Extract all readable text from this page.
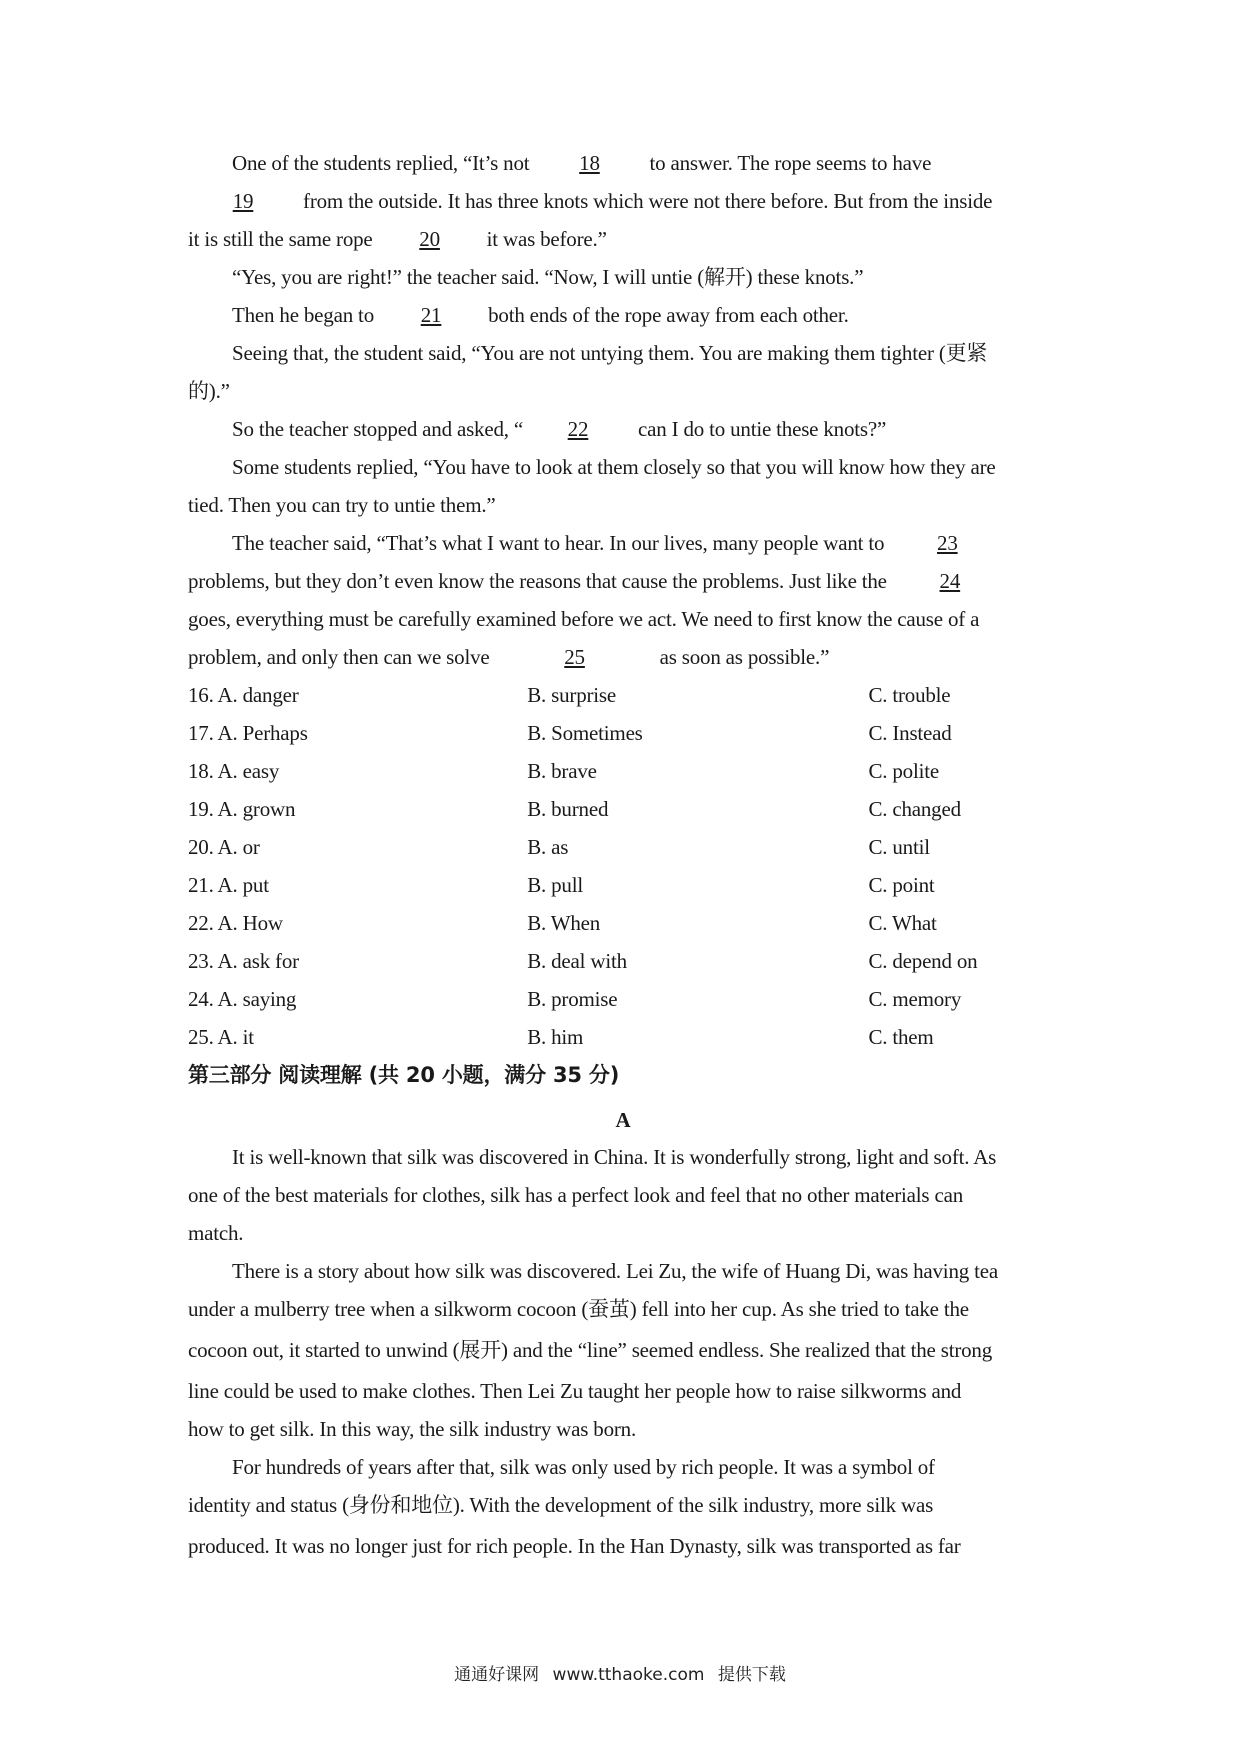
One of the students replied, “It’s not 18 to answer. The rope seems to have
19 from the outside. It has three knots which were not there before. But from the inside
it is still the same rope 20 it was before.”
“Yes, you are right!” the teacher said. “Now, I will untie (解开) these knots.”
Then he began to 21 both ends of the rope away from each other.
Seeing that, the student said, “You are not untying them. You are making them tighter (更紧
的).”
So the teacher stopped and asked, “ 22 can I do to untie these knots?”
Some students replied, “You have to look at them closely so that you will know how they are
tied. Then you can try to untie them.”
The teacher said, “That’s what I want to hear. In our lives, many people want to 23
problems, but they don’t even know the reasons that cause the problems. Just like the 24
goes, everything must be carefully examined before we act. We need to first know the cause of a
problem, and only then can we solve	25	as soon as possible.”
16. A. danger	B. surprise	C. trouble
17. A. Perhaps	B. Sometimes	C. Instead
18. A. easy	B. brave	C. polite
19. A. grown	B. burned	C. changed
20. A. or	B. as	C. until
21. A. put	B. pull	C. point
22. A. How	B. When	C. What
23. A. ask for	B. deal with	C. depend on
24. A. saying	B. promise	C. memory
25. A. it	B. him	C. them
第三部分 阅读理解 (共 20 小题，满分 35 分)
A
It is well-known that silk was discovered in China. It is wonderfully strong, light and soft. As
one of the best materials for clothes, silk has a perfect look and feel that no other materials can
match.
There is a story about how silk was discovered. Lei Zu, the wife of Huang Di, was having tea
under a mulberry tree when a silkworm cocoon (蚕茧) fell into her cup. As she tried to take the
cocoon out, it started to unwind (展开) and the “line” seemed endless. She realized that the strong
line could be used to make clothes. Then Lei Zu taught her people how to raise silkworms and
how to get silk. In this way, the silk industry was born.
For hundreds of years after that, silk was only used by rich people. It was a symbol of
identity and status (身份和地位). With the development of the silk industry, more silk was
produced. It was no longer just for rich people. In the Han Dynasty, silk was transported as far
通通好课网 www.tthaoke.com 提供下载
